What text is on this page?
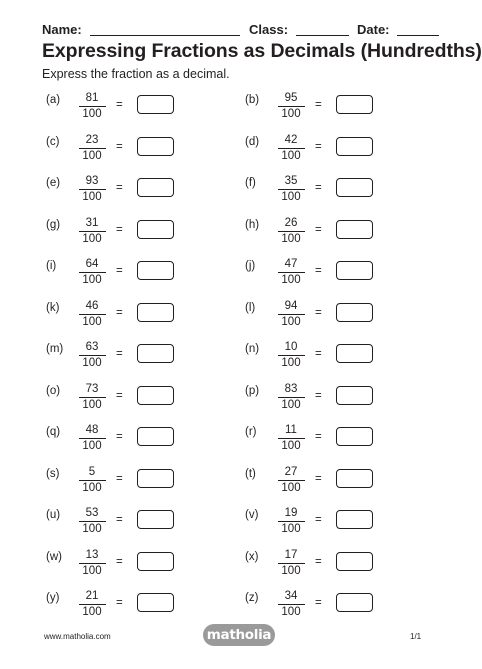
Name:	Class:	Date:
Expressing Fractions as Decimals (Hundredths)
Express the fraction as a decimal.
(a)	81
100
=	(b)	95
100
=
(c)	23
100
=	(d)	42
100
=
(e)	93
100
=	(f)	35
100
=
(g)	31
100
=	(h)	26
100
=
(i)	64
100
=	(j)	47
100
=
(k)	46
100
=	(l)	94
100
=
(m)	63
100
=	(n)	10
100
=
(o)	73
100
=	(p)	83
100
=
(q)	48
100
=	(r)	11
100
=
(s)	5
100
=	(t)	27
100
=
(u)	53
100
=	(v)	19
100
=
(w)	13
100
=	(x)	17
100
=
(y)	21
100
=	(z)	34
100
=
www.matholia.com	matholia	1/1
